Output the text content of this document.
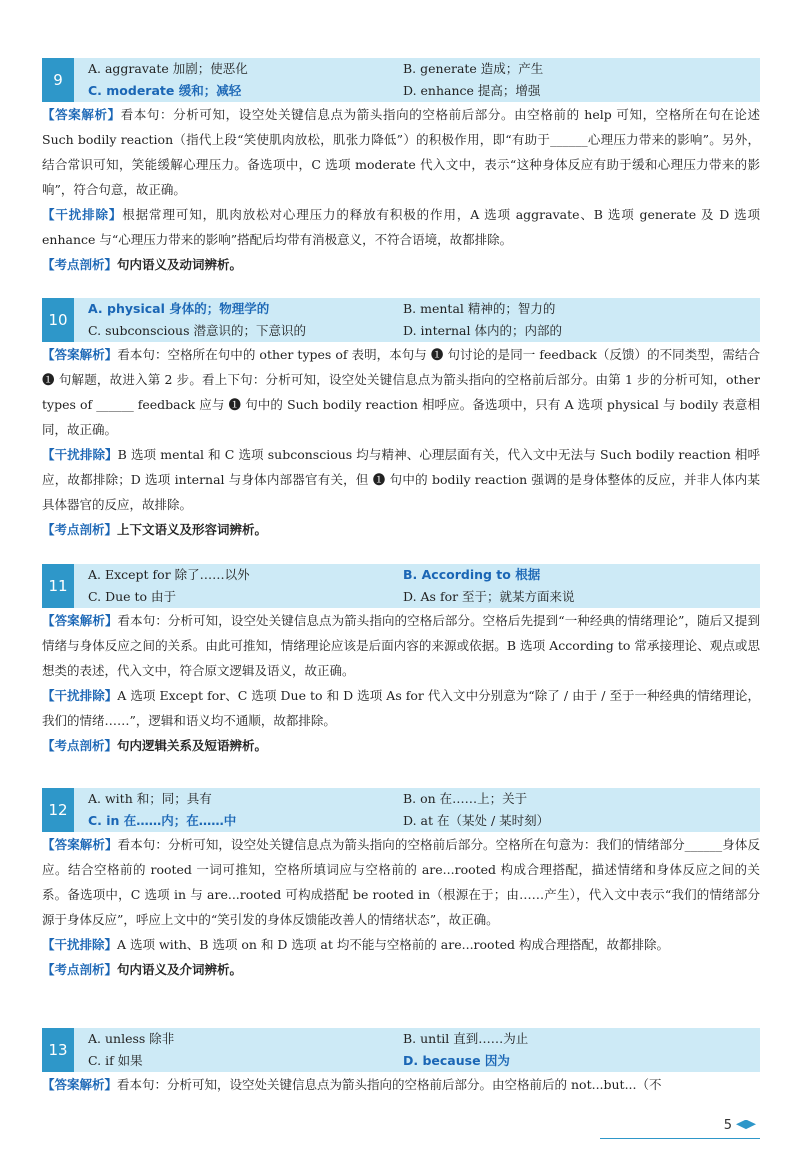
9
A. aggravate 加剧；使恶化	B. generate 造成；产生
C. moderate 缓和；减轻	D. enhance 提高；增强

【答案解析】看本句：分析可知，设空处关键信息点为箭头指向的空格前后部分。由空格前的 help 可知，空格所在句在论述 Such bodily reaction（指代上段“笑使肌肉放松，肌张力降低”）的积极作用，即“有助于______心理压力带来的影响”。另外，结合常识可知，笑能缓解心理压力。备选项中，C 选项 moderate 代入文中，表示“这种身体反应有助于缓和心理压力带来的影响”，符合句意，故正确。

【干扰排除】根据常理可知，肌肉放松对心理压力的释放有积极的作用，A 选项 aggravate、B 选项 generate 及 D 选项 enhance 与“心理压力带来的影响”搭配后均带有消极意义，不符合语境，故都排除。

【考点剖析】句内语义及动词辨析。

10
A. physical 身体的；物理学的	B. mental 精神的；智力的
C. subconscious 潜意识的；下意识的	D. internal 体内的；内部的

【答案解析】看本句：空格所在句中的 other types of 表明，本句与 ❶ 句讨论的是同一 feedback（反馈）的不同类型，需结合 ❶ 句解题，故进入第 2 步。看上下句：分析可知，设空处关键信息点为箭头指向的空格前后部分。由第 1 步的分析可知，other types of ______ feedback 应与 ❶ 句中的 Such bodily reaction 相呼应。备选项中，只有 A 选项 physical 与 bodily 表意相同，故正确。

【干扰排除】B 选项 mental 和 C 选项 subconscious 均与精神、心理层面有关，代入文中无法与 Such bodily reaction 相呼应，故都排除；D 选项 internal 与身体内部器官有关，但 ❶ 句中的 bodily reaction 强调的是身体整体的反应，并非人体内某具体器官的反应，故排除。

【考点剖析】上下文语义及形容词辨析。

11
A. Except for 除了……以外	B. According to 根据
C. Due to 由于	D. As for 至于；就某方面来说

【答案解析】看本句：分析可知，设空处关键信息点为箭头指向的空格后部分。空格后先提到“一种经典的情绪理论”，随后又提到情绪与身体反应之间的关系。由此可推知，情绪理论应该是后面内容的来源或依据。B 选项 According to 常承接理论、观点或思想类的表述，代入文中，符合原文逻辑及语义，故正确。

【干扰排除】A 选项 Except for、C 选项 Due to 和 D 选项 As for 代入文中分别意为“除了 / 由于 / 至于一种经典的情绪理论，我们的情绪……”，逻辑和语义均不通顺，故都排除。

【考点剖析】句内逻辑关系及短语辨析。

12
A. with 和；同；具有	B. on 在……上；关于
C. in 在……内；在……中	D. at 在（某处 / 某时刻）

【答案解析】看本句：分析可知，设空处关键信息点为箭头指向的空格前后部分。空格所在句意为：我们的情绪部分______身体反应。结合空格前的 rooted 一词可推知，空格所填词应与空格前的 are...rooted 构成合理搭配，描述情绪和身体反应之间的关系。备选项中，C 选项 in 与 are...rooted 可构成搭配 be rooted in（根源在于；由……产生），代入文中表示“我们的情绪部分源于身体反应”，呼应上文中的“笑引发的身体反馈能改善人的情绪状态”，故正确。

【干扰排除】A 选项 with、B 选项 on 和 D 选项 at 均不能与空格前的 are...rooted 构成合理搭配，故都排除。

【考点剖析】句内语义及介词辨析。

13
A. unless 除非	B. until 直到……为止
C. if 如果	D. because 因为

【答案解析】看本句：分析可知，设空处关键信息点为箭头指向的空格前后部分。由空格前后的 not...but...（不

5
